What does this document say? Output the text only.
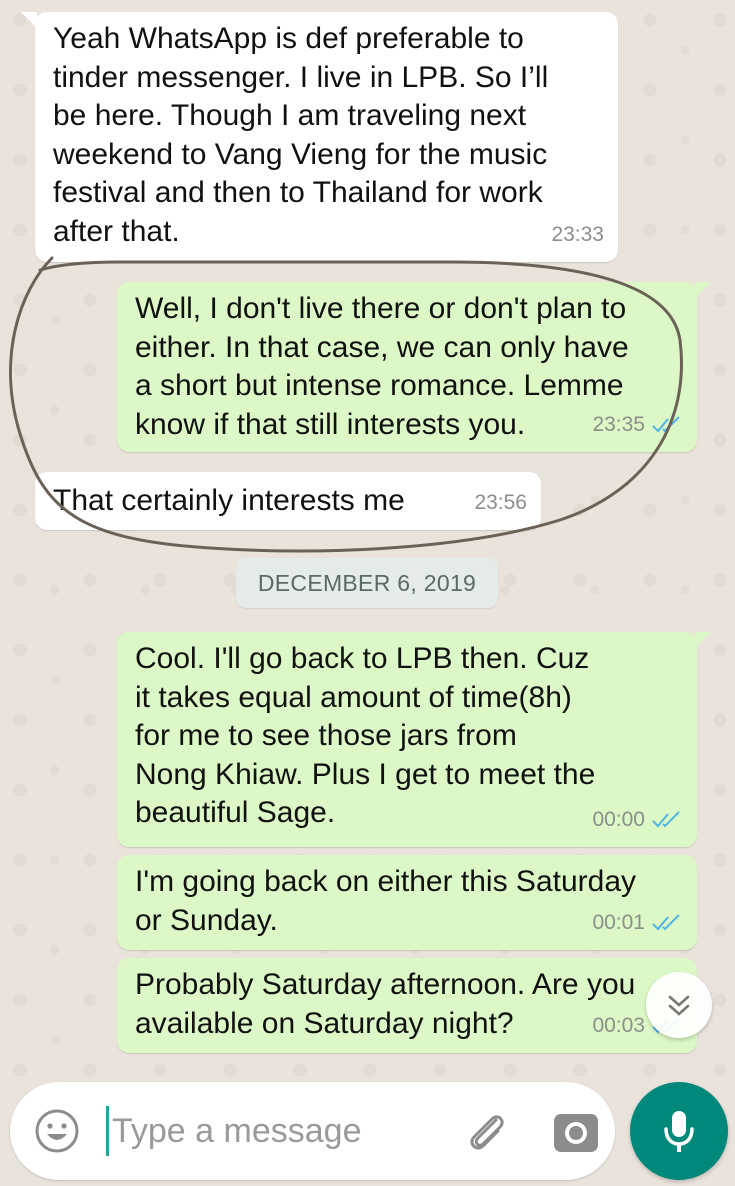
Yeah WhatsApp is def preferable to
tinder messenger. I live in LPB. So I’ll
be here. Though I am traveling next
weekend to Vang Vieng for the music
festival and then to Thailand for work
after that.	23:33
Well, I don't live there or don't plan to
either. In that case, we can only have
a short but intense romance. Lemme
know if that still interests you.	23:35
That certainly interests me	23:56
DECEMBER 6, 2019
Cool. I'll go back to LPB then. Cuz
it takes equal amount of time(8h)
for me to see those jars from
Nong Khiaw. Plus I get to meet the
beautiful Sage.	00:00
I'm going back on either this Saturday
or Sunday.	00:01
Probably Saturday afternoon. Are you
available on Saturday night?	00:03
Type a message
